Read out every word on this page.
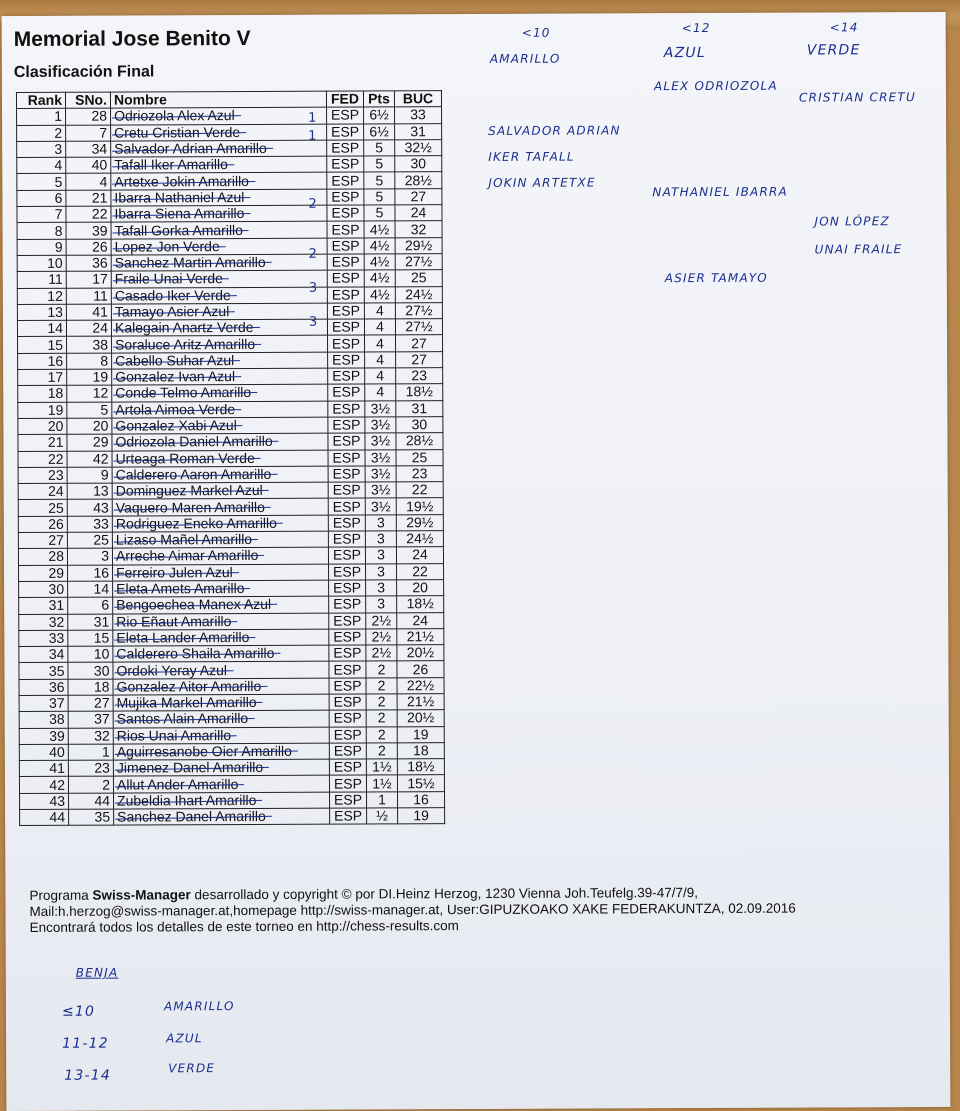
Memorial Jose Benito V
Clasificación Final
Rank	SNo.	Nombre	FED	Pts	BUC
1	28	Odriozola Alex Azul	ESP	6½	33
2	7	Cretu Cristian Verde	ESP	6½	31
3	34	Salvador Adrian Amarillo	ESP	5	32½
4	40	Tafall Iker Amarillo	ESP	5	30
5	4	Artetxe Jokin Amarillo	ESP	5	28½
6	21	Ibarra Nathaniel Azul	ESP	5	27
7	22	Ibarra Siena Amarillo	ESP	5	24
8	39	Tafall Gorka Amarillo	ESP	4½	32
9	26	Lopez Jon Verde	ESP	4½	29½
10	36	Sanchez Martin Amarillo	ESP	4½	27½
11	17	Fraile Unai Verde	ESP	4½	25
12	11	Casado Iker Verde	ESP	4½	24½
13	41	Tamayo Asier Azul	ESP	4	27½
14	24	Kalegain Anartz Verde	ESP	4	27½
15	38	Soraluce Aritz Amarillo	ESP	4	27
16	8	Cabello Suhar Azul	ESP	4	27
17	19	Gonzalez Ivan Azul	ESP	4	23
18	12	Conde Telmo Amarillo	ESP	4	18½
19	5	Artola Aimoa Verde	ESP	3½	31
20	20	Gonzalez Xabi Azul	ESP	3½	30
21	29	Odriozola Daniel Amarillo	ESP	3½	28½
22	42	Urteaga Roman Verde	ESP	3½	25
23	9	Calderero Aaron Amarillo	ESP	3½	23
24	13	Dominguez Markel Azul	ESP	3½	22
25	43	Vaquero Maren Amarillo	ESP	3½	19½
26	33	Rodriguez Eneko Amarillo	ESP	3	29½
27	25	Lizaso Mañel Amarillo	ESP	3	24½
28	3	Arreche Aimar Amarillo	ESP	3	24
29	16	Ferreiro Julen Azul	ESP	3	22
30	14	Eleta Amets Amarillo	ESP	3	20
31	6	Bengoechea Manex Azul	ESP	3	18½
32	31	Rio Eñaut Amarillo	ESP	2½	24
33	15	Eleta Lander Amarillo	ESP	2½	21½
34	10	Calderero Shaila Amarillo	ESP	2½	20½
35	30	Ordoki Yeray Azul	ESP	2	26
36	18	Gonzalez Aitor Amarillo	ESP	2	22½
37	27	Mujika Markel Amarillo	ESP	2	21½
38	37	Santos Alain Amarillo	ESP	2	20½
39	32	Rios Unai Amarillo	ESP	2	19
40	1	Aguirresanobe Oier Amarillo	ESP	2	18
41	23	Jimenez Danel Amarillo	ESP	1½	18½
42	2	Allut Ander Amarillo	ESP	1½	15½
43	44	Zubeldia Ihart Amarillo	ESP	1	16
44	35	Sanchez Danel Amarillo	ESP	½	19
Programa Swiss-Manager desarrollado y copyright © por DI.Heinz Herzog, 1230 Vienna Joh.Teufelg.39-47/7/9,
Mail:h.herzog@swiss-manager.at,homepage http://swiss-manager.at, User:GIPUZKOAKO XAKE FEDERAKUNTZA, 02.09.2016
Encontrará todos los detalles de este torneo en http://chess-results.com
<10	<12	<14
AMARILLO	AZUL	VERDE
ALEX ODRIOZOLA
CRISTIAN CRETU
SALVADOR ADRIAN
IKER TAFALL
JOKIN ARTETXE
NATHANIEL IBARRA
JON LÓPEZ
UNAI FRAILE
ASIER TAMAYO
1
1
2
2
3
3
BENJA
≤10	AMARILLO
11-12	AZUL
13-14	VERDE
